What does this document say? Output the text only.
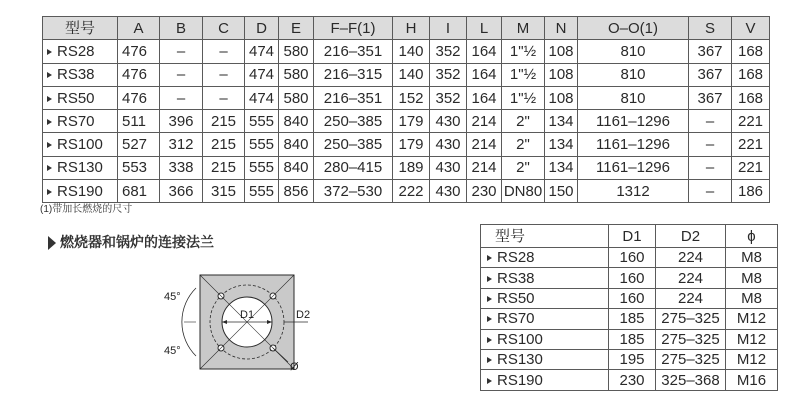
型号	A	B	C	D	E	F–F(1)	H	I	L	M	N	O–O(1)	S	V
RS28	476	–	–	474	580	216–351	140	352	164	1"½	108	810	367	168
RS38	476	–	–	474	580	216–315	140	352	164	1"½	108	810	367	168
RS50	476	–	–	474	580	216–351	152	352	164	1"½	108	810	367	168
RS70	511	396	215	555	840	250–385	179	430	214	2"	134	1161–1296	–	221
RS100	527	312	215	555	840	250–385	179	430	214	2"	134	1161–1296	–	221
RS130	553	338	215	555	840	280–415	189	430	214	2"	134	1161–1296	–	221
RS190	681	366	315	555	856	372–530	222	430	230	DN80	150	1312	–	186
(1)带加长燃烧的尺寸
燃烧器和锅炉的连接法兰
D1	D2
Ø
45°
45°
型号	D1	D2	ϕ
RS28	160	224	M8
RS38	160	224	M8
RS50	160	224	M8
RS70	185	275–325	M12
RS100	185	275–325	M12
RS130	195	275–325	M12
RS190	230	325–368	M16
